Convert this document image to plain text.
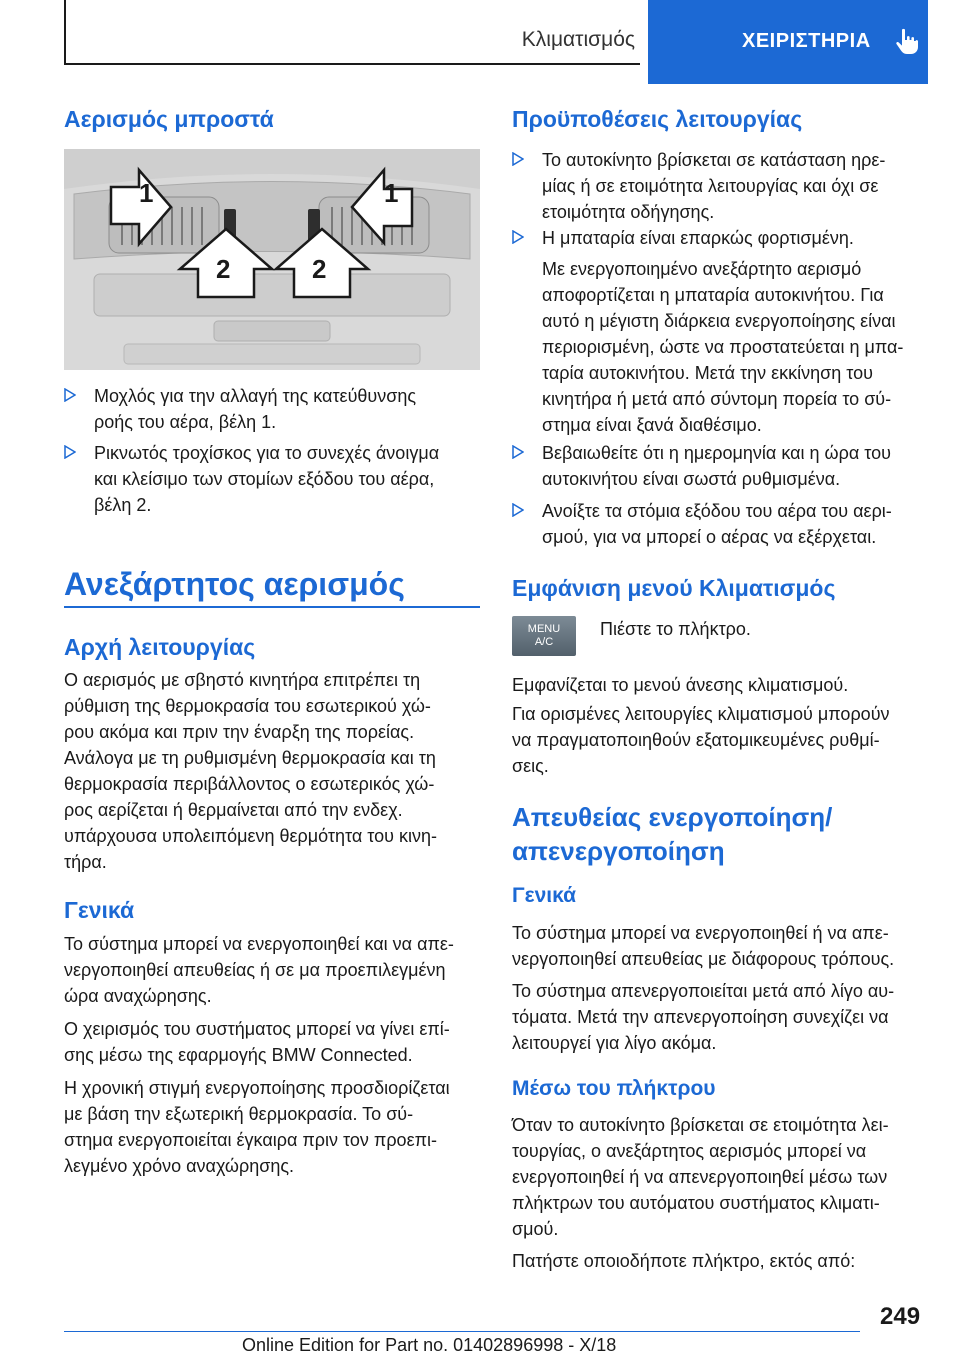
Κλιματισμός	ΧΕΙΡΙΣΤΗΡΙΑ
Αερισμός μπροστά
1	1
2	2
Μοχλός για την αλλαγή της κατεύθυνσης
ροής του αέρα, βέλη 1.
Ρικνωτός τροχίσκος για το συνεχές άνοιγμα
και κλείσιμο των στομίων εξόδου του αέρα,
βέλη 2.
Ανεξάρτητος αερισμός
Αρχή λειτουργίας

Ο αερισμός με σβηστό κινητήρα επιτρέπει τη
ρύθμιση της θερμοκρασία του εσωτερικού χώ-
ρου ακόμα και πριν την έναρξη της πορείας.
Ανάλογα με τη ρυθμισμένη θερμοκρασία και τη
θερμοκρασία περιβάλλοντος ο εσωτερικός χώ-
ρος αερίζεται ή θερμαίνεται από την ενδεχ.
υπάρχουσα υπολειπόμενη θερμότητα του κινη-
τήρα.

Γενικά

Το σύστημα μπορεί να ενεργοποιηθεί και να απε-
νεργοποιηθεί απευθείας ή σε μα προεπιλεγμένη
ώρα αναχώρησης.

Ο χειρισμός του συστήματος μπορεί να γίνει επί-
σης μέσω της εφαρμογής BMW Connected.

Η χρονική στιγμή ενεργοποίησης προσδιορίζεται
με βάση την εξωτερική θερμοκρασία. Το σύ-
στημα ενεργοποιείται έγκαιρα πριν τον προεπι-
λεγμένο χρόνο αναχώρησης.

Προϋποθέσεις λειτουργίας
Το αυτοκίνητο βρίσκεται σε κατάσταση ηρε-
μίας ή σε ετοιμότητα λειτουργίας και όχι σε
ετοιμότητα οδήγησης.
Η μπαταρία είναι επαρκώς φορτισμένη.

Με ενεργοποιημένο ανεξάρτητο αερισμό
αποφορτίζεται η μπαταρία αυτοκινήτου. Για
αυτό η μέγιστη διάρκεια ενεργοποίησης είναι
περιορισμένη, ώστε να προστατεύεται η μπα-
ταρία αυτοκινήτου. Μετά την εκκίνηση του
κινητήρα ή μετά από σύντομη πορεία το σύ-
στημα είναι ξανά διαθέσιμο.

Βεβαιωθείτε ότι η ημερομηνία και η ώρα του
αυτοκινήτου είναι σωστά ρυθμισμένα.
Ανοίξτε τα στόμια εξόδου του αέρα του αερι-
σμού, για να μπορεί ο αέρας να εξέρχεται.
Εμφάνιση μενού Κλιματισμός
MENU
A/C

Πιέστε το πλήκτρο.

Εμφανίζεται το μενού άνεσης κλιματισμού.

Για ορισμένες λειτουργίες κλιματισμού μπορούν
να πραγματοποιηθούν εξατομικευμένες ρυθμί-
σεις.

Απευθείας ενεργοποίηση/
απενεργοποίηση
Γενικά

Το σύστημα μπορεί να ενεργοποιηθεί ή να απε-
νεργοποιηθεί απευθείας με διάφορους τρόπους.

Το σύστημα απενεργοποιείται μετά από λίγο αυ-
τόματα. Μετά την απενεργοποίηση συνεχίζει να
λειτουργεί για λίγο ακόμα.

Μέσω του πλήκτρου

Όταν το αυτοκίνητο βρίσκεται σε ετοιμότητα λει-
τουργίας, ο ανεξάρτητος αερισμός μπορεί να
ενεργοποιηθεί ή να απενεργοποιηθεί μέσω των
πλήκτρων του αυτόματου συστήματος κλιματι-
σμού.

Πατήστε οποιοδήποτε πλήκτρο, εκτός από:

249
Online Edition for Part no. 01402896998 - X/18
